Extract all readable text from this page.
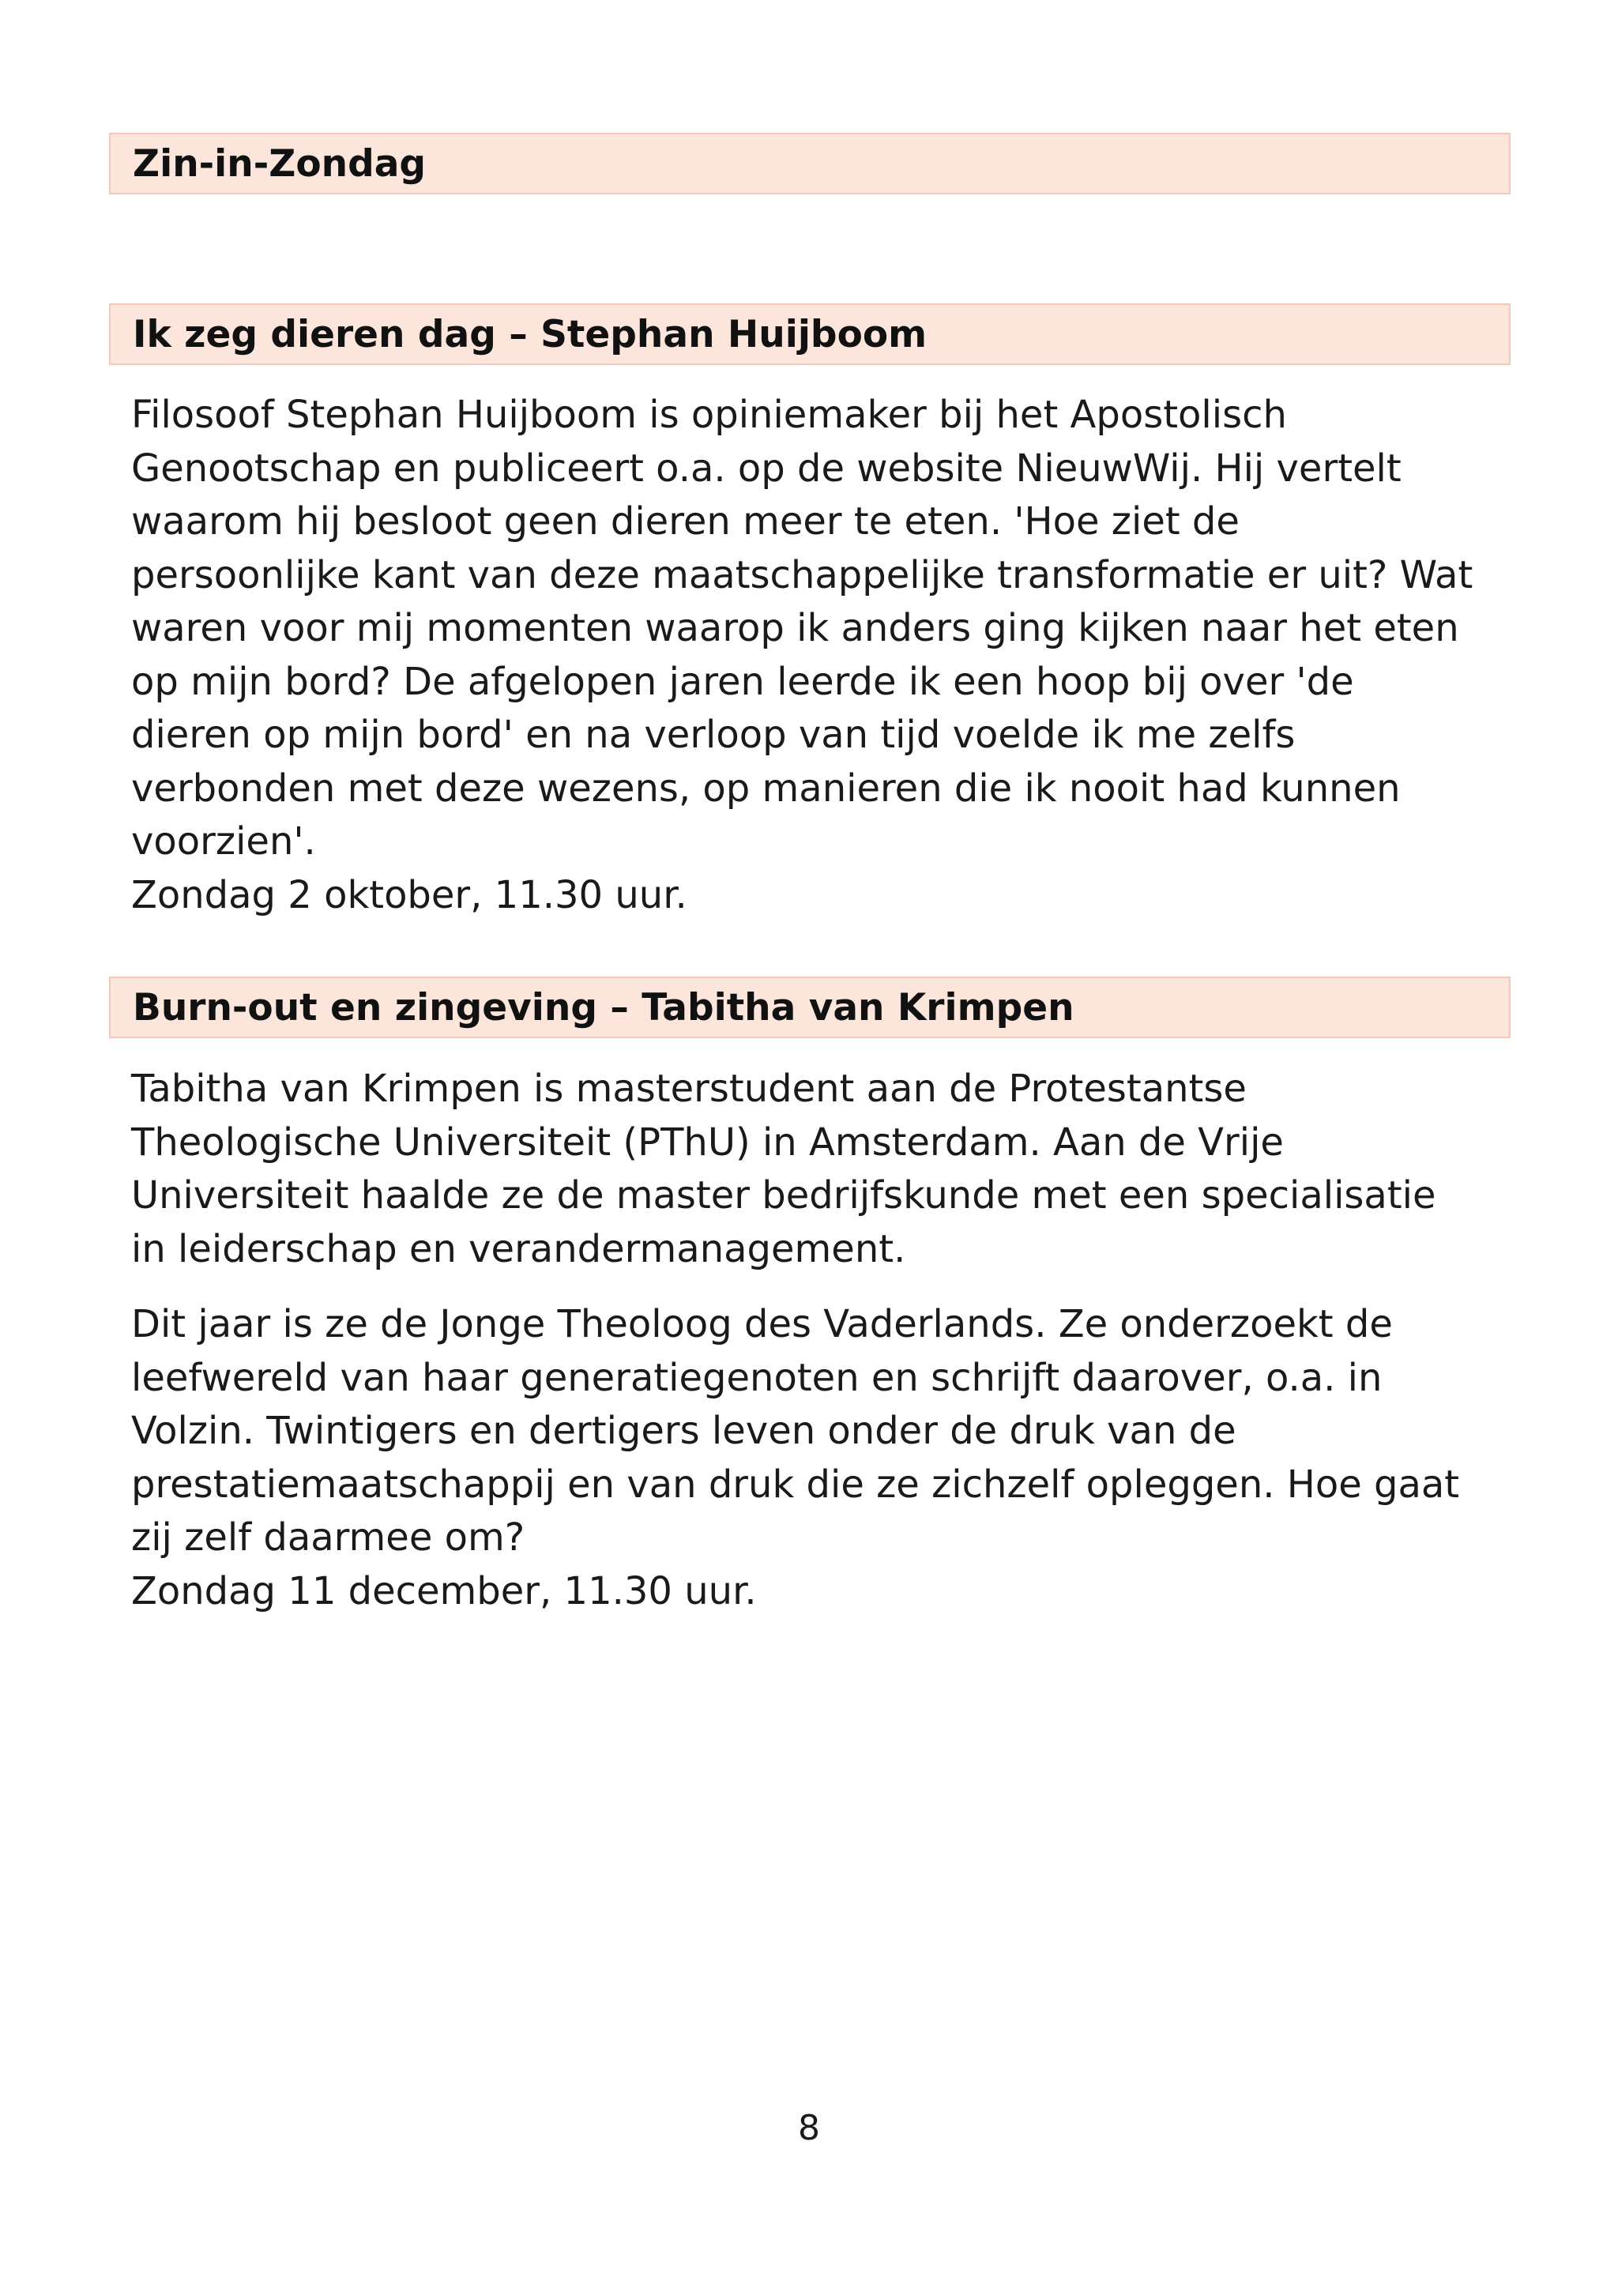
Zin-in-Zondag
Ik zeg dieren dag – Stephan Huijboom

Filosoof Stephan Huijboom is opiniemaker bij het Apostolisch
Genootschap en publiceert o.a. op de website NieuwWij. Hij vertelt
waarom hij besloot geen dieren meer te eten. 'Hoe ziet de
persoonlijke kant van deze maatschappelijke transformatie er uit? Wat
waren voor mij momenten waarop ik anders ging kijken naar het eten
op mijn bord? De afgelopen jaren leerde ik een hoop bij over 'de
dieren op mijn bord' en na verloop van tijd voelde ik me zelfs
verbonden met deze wezens, op manieren die ik nooit had kunnen
voorzien'.
Zondag 2 oktober, 11.30 uur.

Burn-out en zingeving – Tabitha van Krimpen

Tabitha van Krimpen is masterstudent aan de Protestantse
Theologische Universiteit (PThU) in Amsterdam. Aan de Vrije
Universiteit haalde ze de master bedrijfskunde met een specialisatie
in leiderschap en verandermanagement.

Dit jaar is ze de Jonge Theoloog des Vaderlands. Ze onderzoekt de
leefwereld van haar generatiegenoten en schrijft daarover, o.a. in
Volzin. Twintigers en dertigers leven onder de druk van de
prestatiemaatschappij en van druk die ze zichzelf opleggen. Hoe gaat
zij zelf daarmee om?
Zondag 11 december, 11.30 uur.

8
